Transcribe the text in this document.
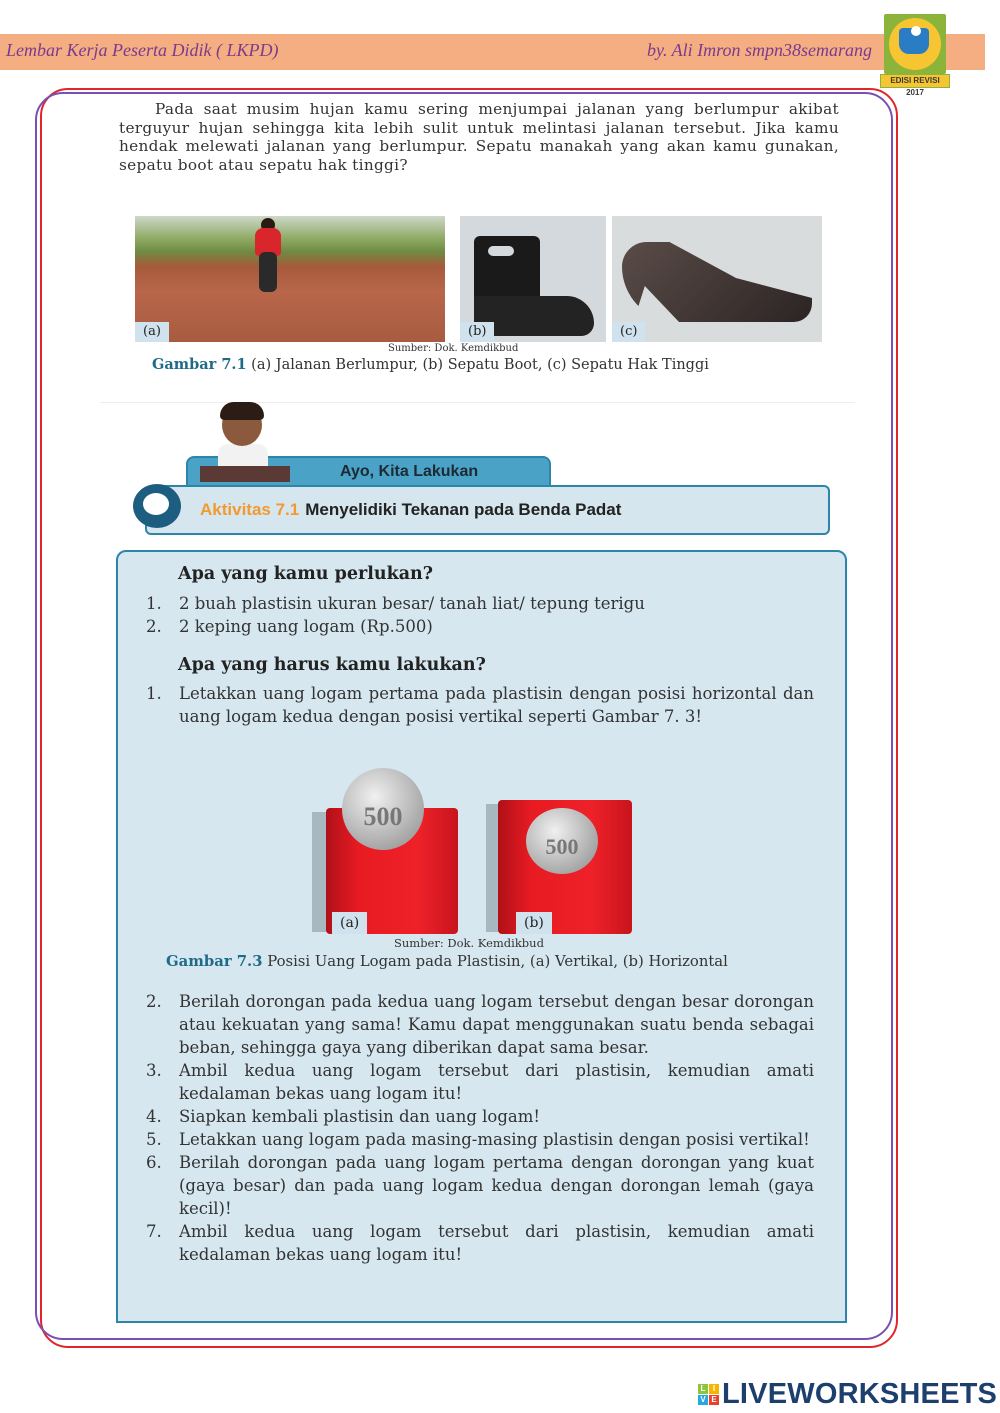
Lembar Kerja Peserta Didik ( LKPD)	by. Ali Imron smpn38semarang
EDISI REVISI 2017

Pada saat musim hujan kamu sering menjumpai jalanan yang berlumpur akibat terguyur hujan sehingga kita lebih sulit untuk melintasi jalanan tersebut. Jika kamu hendak melewati jalanan yang berlumpur. Sepatu manakah yang akan kamu gunakan, sepatu boot atau sepatu hak tinggi?

(a)	(b)	(c)
Sumber: Dok. Kemdikbud
Gambar 7.1 (a) Jalanan Berlumpur, (b) Sepatu Boot, (c) Sepatu Hak Tinggi
Ayo, Kita Lakukan
Aktivitas 7.1 Menyelidiki Tekanan pada Benda Padat
Apa yang kamu perlukan?
1.	2 buah plastisin ukuran besar/ tanah liat/ tepung terigu
2.	2 keping uang logam (Rp.500)
Apa yang harus kamu lakukan?
1.	Letakkan uang logam pertama pada plastisin dengan posisi horizontal dan uang logam kedua dengan posisi vertikal seperti Gambar 7. 3!
500
(a)
500
(b)
Sumber: Dok. Kemdikbud
Gambar 7.3 Posisi Uang Logam pada Plastisin, (a) Vertikal, (b) Horizontal
2.	Berilah dorongan pada kedua uang logam tersebut dengan besar dorongan atau kekuatan yang sama! Kamu dapat menggunakan suatu benda sebagai beban, sehingga gaya yang diberikan dapat sama besar.
3.	Ambil kedua uang logam tersebut dari plastisin, kemudian amati kedalaman bekas uang logam itu!
4.	Siapkan kembali plastisin dan uang logam!
5.	Letakkan uang logam pada masing-masing plastisin dengan posisi vertikal!
6.	Berilah dorongan pada uang logam pertama dengan dorongan yang kuat (gaya besar) dan pada uang logam kedua dengan dorongan lemah (gaya kecil)!
7.	Ambil kedua uang logam tersebut dari plastisin, kemudian amati kedalaman bekas uang logam itu!
L I
V E LIVEWORKSHEETS
